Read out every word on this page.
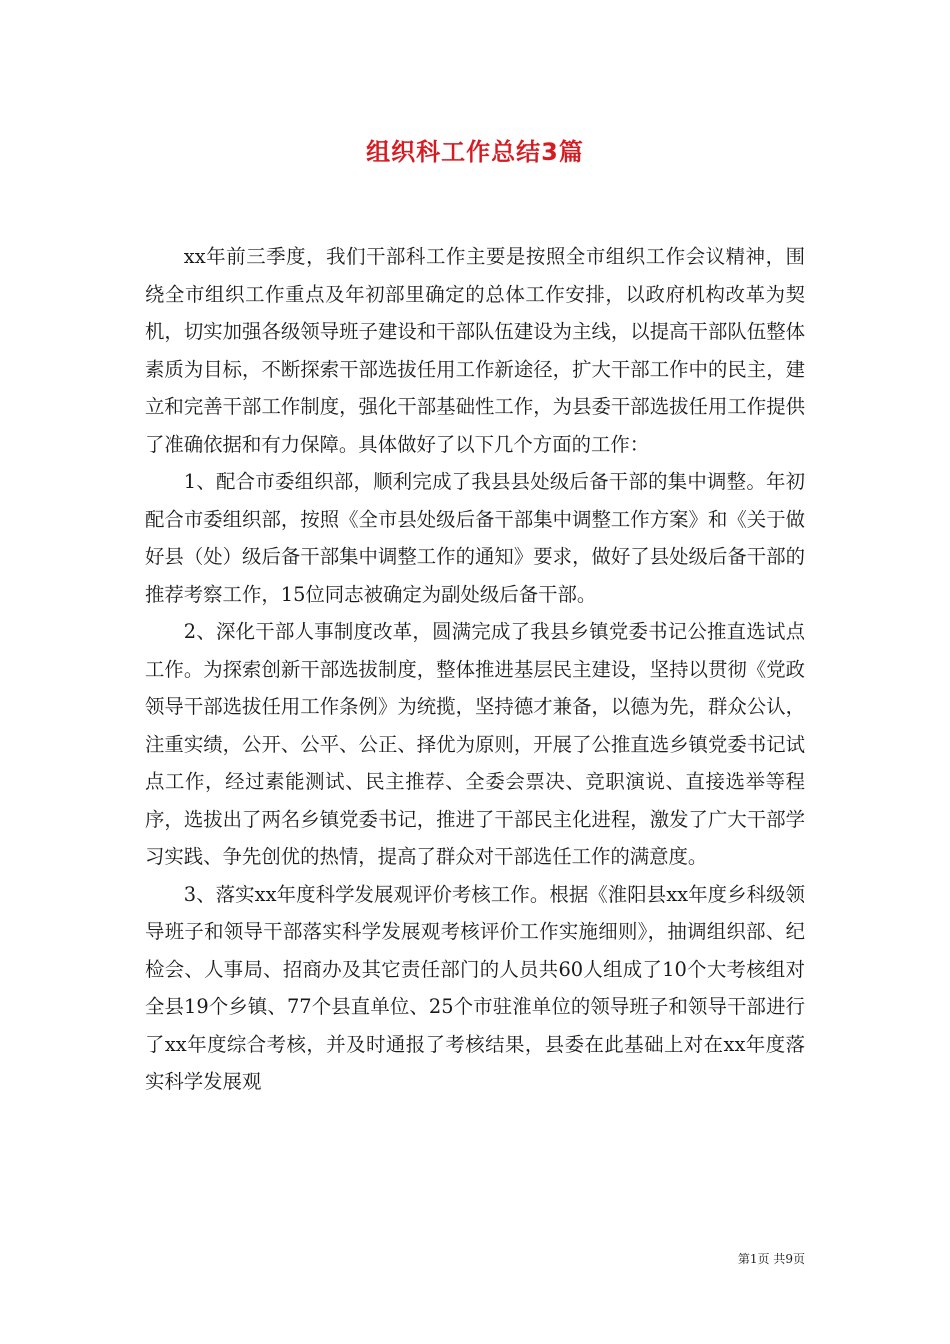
组织科工作总结3篇

xx年前三季度，我们干部科工作主要是按照全市组织工作会议精神，围绕全市组织工作重点及年初部里确定的总体工作安排，以政府机构改革为契机，切实加强各级领导班子建设和干部队伍建设为主线，以提高干部队伍整体素质为目标，不断探索干部选拔任用工作新途径，扩大干部工作中的民主，建立和完善干部工作制度，强化干部基础性工作，为县委干部选拔任用工作提供了准确依据和有力保障。具体做好了以下几个方面的工作：

1、配合市委组织部，顺利完成了我县县处级后备干部的集中调整。年初配合市委组织部，按照《全市县处级后备干部集中调整工作方案》和《关于做好县（处）级后备干部集中调整工作的通知》要求，做好了县处级后备干部的推荐考察工作，15位同志被确定为副处级后备干部。

2、深化干部人事制度改革，圆满完成了我县乡镇党委书记公推直选试点工作。为探索创新干部选拔制度，整体推进基层民主建设，坚持以贯彻《党政领导干部选拔任用工作条例》为统揽，坚持德才兼备，以德为先，群众公认，注重实绩，公开、公平、公正、择优为原则，开展了公推直选乡镇党委书记试点工作，经过素能测试、民主推荐、全委会票决、竞职演说、直接选举等程序，选拔出了两名乡镇党委书记，推进了干部民主化进程，激发了广大干部学习实践、争先创优的热情，提高了群众对干部选任工作的满意度。

3、落实xx年度科学发展观评价考核工作。根据《淮阳县xx年度乡科级领导班子和领导干部落实科学发展观考核评价工作实施细则》，抽调组织部、纪检会、人事局、招商办及其它责任部门的人员共60人组成了10个大考核组对全县19个乡镇、77个县直单位、25个市驻淮单位的领导班子和领导干部进行了xx年度综合考核，并及时通报了考核结果，县委在此基础上对在xx年度落实科学发展观

第1页 共9页
